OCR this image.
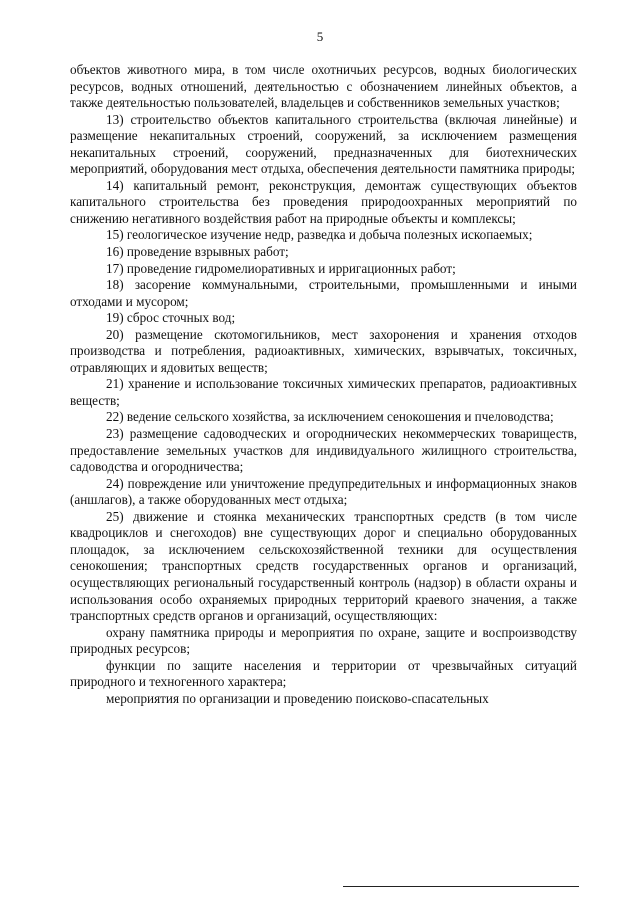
5

объектов животного мира, в том числе охотничьих ресурсов, водных биологических ресурсов, водных отношений, деятельностью с обозначением линейных объектов, а также деятельностью пользователей, владельцев и собственников земельных участков;

13) строительство объектов капитального строительства (включая линейные) и размещение некапитальных строений, сооружений, за исключением размещения некапитальных строений, сооружений, предназначенных для биотехнических мероприятий, оборудования мест отдыха, обеспечения деятельности памятника природы;

14) капитальный ремонт, реконструкция, демонтаж существующих объектов капитального строительства без проведения природоохранных мероприятий по снижению негативного воздействия работ на природные объекты и комплексы;

15) геологическое изучение недр, разведка и добыча полезных ископаемых;

16) проведение взрывных работ;

17) проведение гидромелиоративных и ирригационных работ;

18) засорение коммунальными, строительными, промышленными и иными отходами и мусором;

19) сброс сточных вод;

20) размещение скотомогильников, мест захоронения и хранения отходов производства и потребления, радиоактивных, химических, взрывчатых, токсичных, отравляющих и ядовитых веществ;

21) хранение и использование токсичных химических препаратов, радиоактивных веществ;

22) ведение сельского хозяйства, за исключением сенокошения и пчеловодства;

23) размещение садоводческих и огороднических некоммерческих товариществ, предоставление земельных участков для индивидуального жилищного строительства, садоводства и огородничества;

24) повреждение или уничтожение предупредительных и информационных знаков (аншлагов), а также оборудованных мест отдыха;

25) движение и стоянка механических транспортных средств (в том числе квадроциклов и снегоходов) вне существующих дорог и специально оборудованных площадок, за исключением сельскохозяйственной техники для осуществления сенокошения; транспортных средств государственных органов и организаций, осуществляющих региональный государственный контроль (надзор) в области охраны и использования особо охраняемых природных территорий краевого значения, а также транспортных средств органов и организаций, осуществляющих:

охрану памятника природы и мероприятия по охране, защите и воспроизводству природных ресурсов;

функции по защите населения и территории от чрезвычайных ситуаций природного и техногенного характера;

мероприятия по организации и проведению поисково-спасательных
